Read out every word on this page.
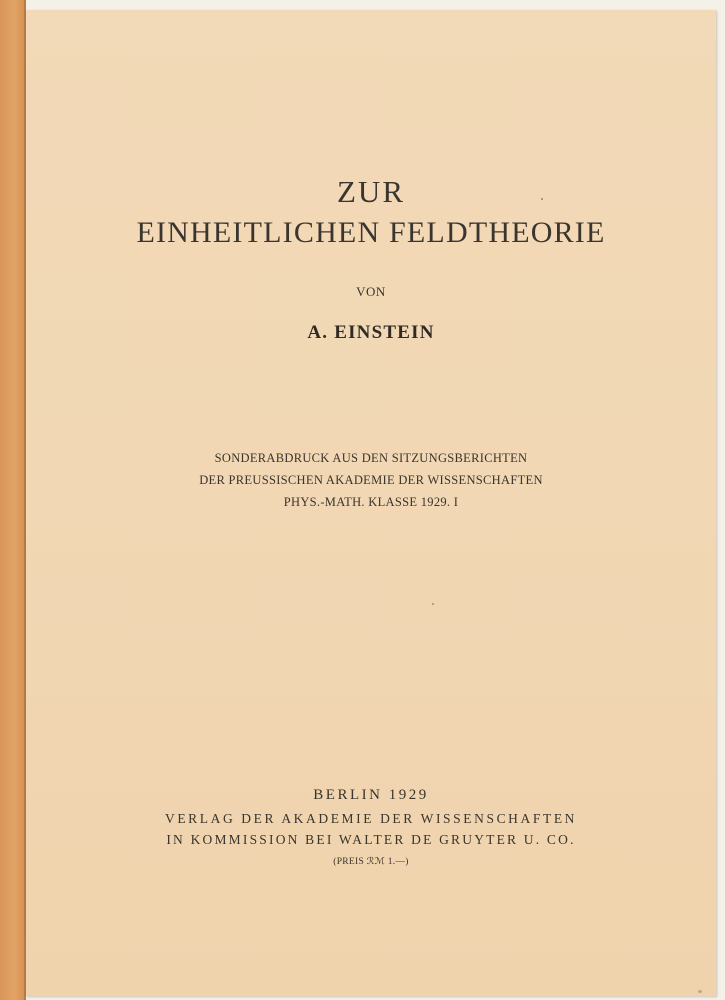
ZUR
EINHEITLICHEN FELDTHEORIE
VON
A. EINSTEIN
SONDERABDRUCK AUS DEN SITZUNGSBERICHTEN
DER PREUSSISCHEN AKADEMIE DER WISSENSCHAFTEN
PHYS.-MATH. KLASSE 1929. I
BERLIN 1929
VERLAG DER AKADEMIE DER WISSENSCHAFTEN
IN KOMMISSION BEI WALTER DE GRUYTER U. CO.
(PREIS ℛℳ 1.—)
